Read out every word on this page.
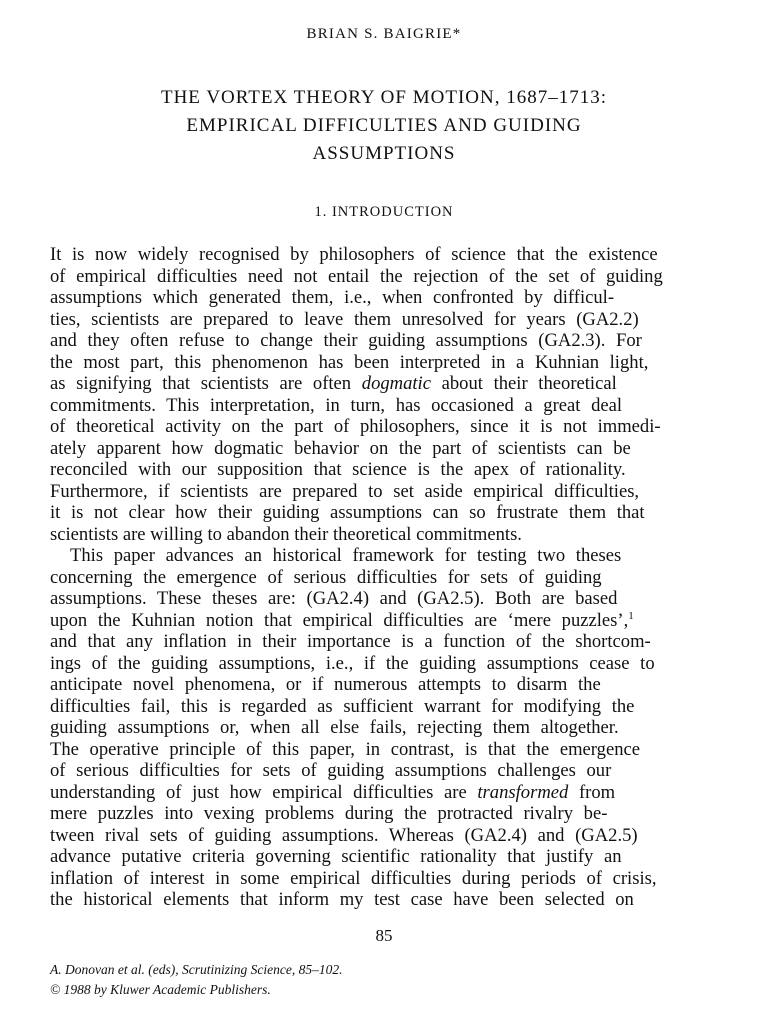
BRIAN S. BAIGRIE*
THE VORTEX THEORY OF MOTION, 1687–1713:
EMPIRICAL DIFFICULTIES AND GUIDING
ASSUMPTIONS
1. INTRODUCTION
It is now widely recognised by philosophers of science that the existence
of empirical difficulties need not entail the rejection of the set of guiding
assumptions which generated them, i.e., when confronted by difficul-
ties, scientists are prepared to leave them unresolved for years (GA2.2)
and they often refuse to change their guiding assumptions (GA2.3). For
the most part, this phenomenon has been interpreted in a Kuhnian light,
as signifying that scientists are often dogmatic about their theoretical
commitments. This interpretation, in turn, has occasioned a great deal
of theoretical activity on the part of philosophers, since it is not immedi-
ately apparent how dogmatic behavior on the part of scientists can be
reconciled with our supposition that science is the apex of rationality.
Furthermore, if scientists are prepared to set aside empirical difficulties,
it is not clear how their guiding assumptions can so frustrate them that
scientists are willing to abandon their theoretical commitments.
This paper advances an historical framework for testing two theses
concerning the emergence of serious difficulties for sets of guiding
assumptions. These theses are: (GA2.4) and (GA2.5). Both are based
upon the Kuhnian notion that empirical difficulties are ‘mere puzzles’,$^1$
and that any inflation in their importance is a function of the shortcom-
ings of the guiding assumptions, i.e., if the guiding assumptions cease to
anticipate novel phenomena, or if numerous attempts to disarm the
difficulties fail, this is regarded as sufficient warrant for modifying the
guiding assumptions or, when all else fails, rejecting them altogether.
The operative principle of this paper, in contrast, is that the emergence
of serious difficulties for sets of guiding assumptions challenges our
understanding of just how empirical difficulties are transformed from
mere puzzles into vexing problems during the protracted rivalry be-
tween rival sets of guiding assumptions. Whereas (GA2.4) and (GA2.5)
advance putative criteria governing scientific rationality that justify an
inflation of interest in some empirical difficulties during periods of crisis,
the historical elements that inform my test case have been selected on
85
A. Donovan et al. (eds), Scrutinizing Science, 85–102.
© 1988 by Kluwer Academic Publishers.
